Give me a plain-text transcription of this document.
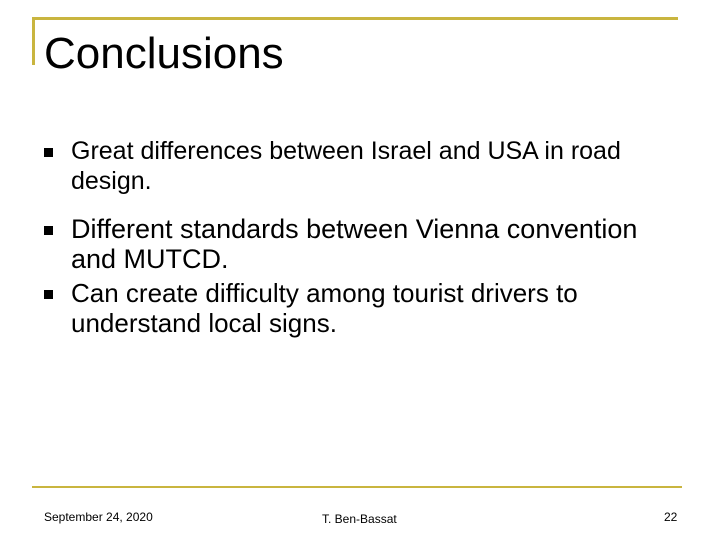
Conclusions
Great differences between Israel and USA in road design.
Different standards between Vienna convention and MUTCD.
Can create difficulty among tourist drivers to understand local signs.
September 24, 2020	T. Ben-Bassat	22
